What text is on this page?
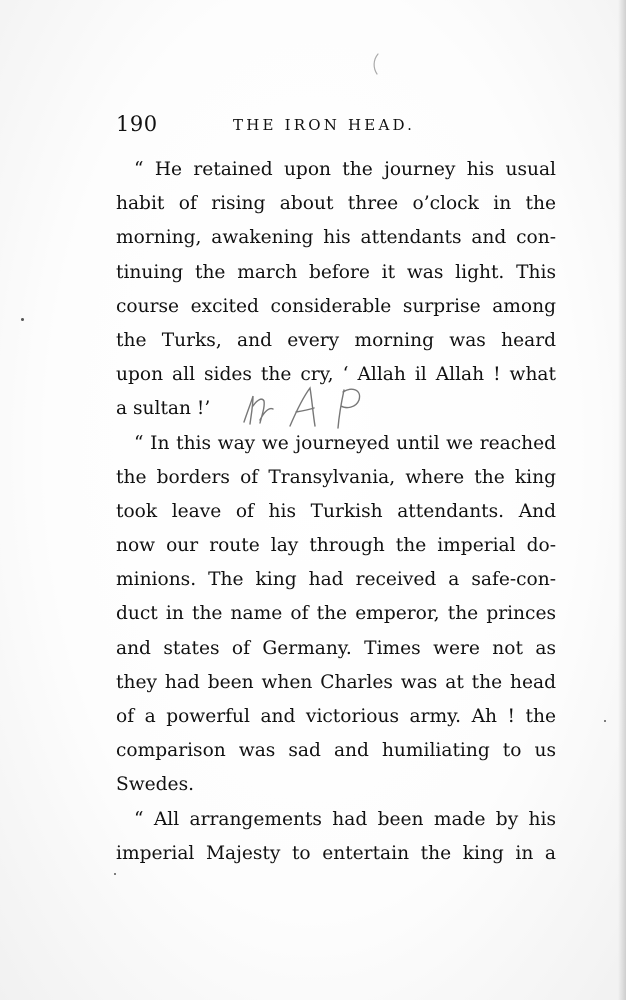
190	THE IRON HEAD.
“ He retained upon the journey his usual
habit of rising about three o’clock in the
morning, awakening his attendants and con-
tinuing the march before it was light. This
course excited considerable surprise among
the Turks, and every morning was heard
upon all sides the cry, ‘ Allah il Allah ! what
a sultan !’
“ In this way we journeyed until we reached
the borders of Transylvania, where the king
took leave of his Turkish attendants. And
now our route lay through the imperial do-
minions. The king had received a safe-con-
duct in the name of the emperor, the princes
and states of Germany. Times were not as
they had been when Charles was at the head
of a powerful and victorious army. Ah ! the
comparison was sad and humiliating to us
Swedes.
“ All arrangements had been made by his
imperial Majesty to entertain the king in a
